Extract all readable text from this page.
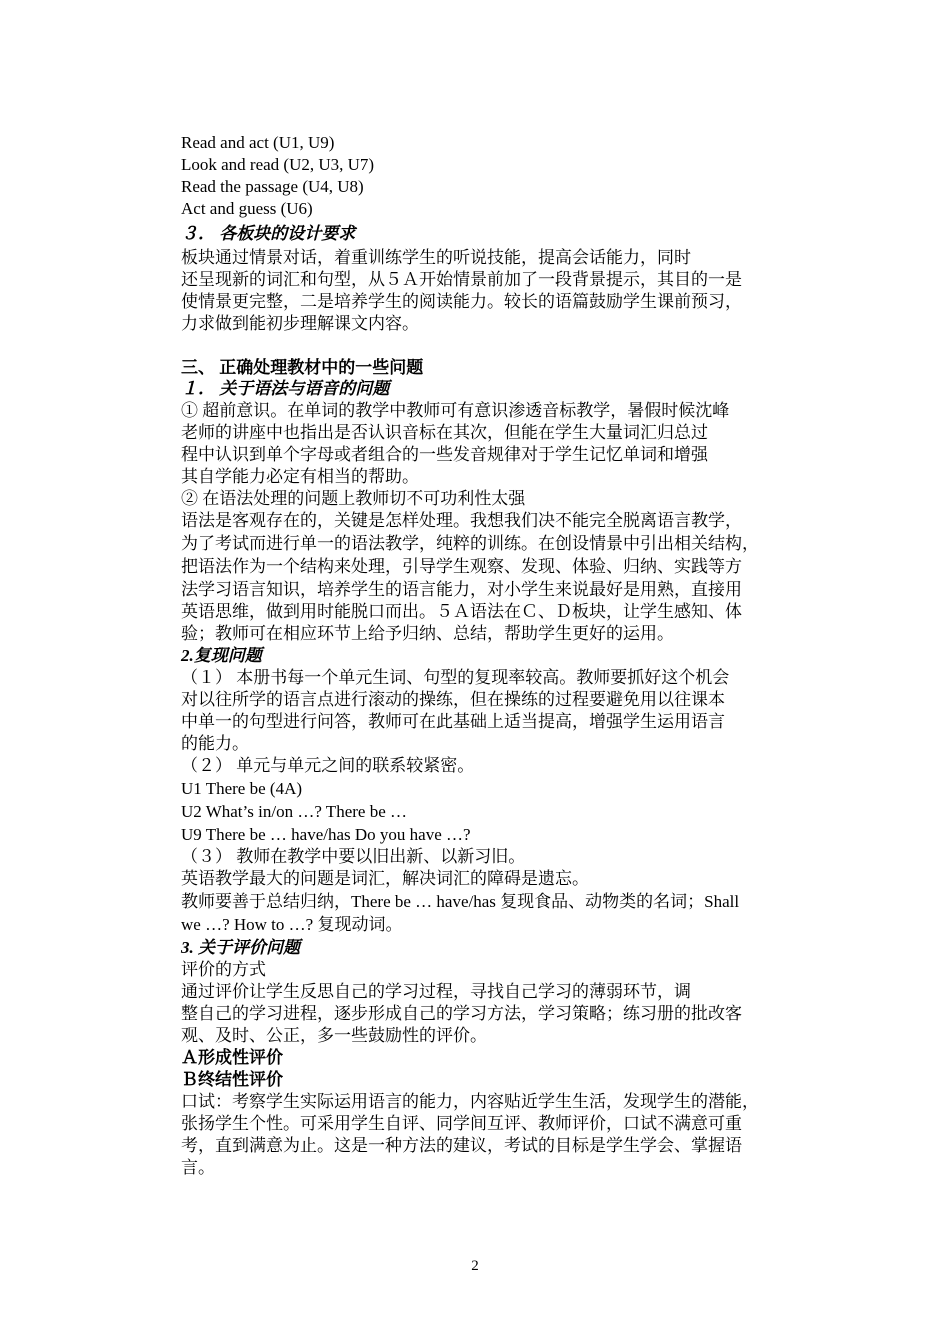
Read and act (U1, U9)
Look and read (U2, U3, U7)
Read the passage (U4, U8)
Act and guess (U6)
３． 各板块的设计要求
板块通过情景对话，着重训练学生的听说技能，提高会话能力，同时
还呈现新的词汇和句型，从５Ａ开始情景前加了一段背景提示，其目的一是
使情景更完整，二是培养学生的阅读能力。较长的语篇鼓励学生课前预习，
力求做到能初步理解课文内容。
三、 正确处理教材中的一些问题
１． 关于语法与语音的问题
① 超前意识。在单词的教学中教师可有意识渗透音标教学，暑假时候沈峰
老师的讲座中也指出是否认识音标在其次，但能在学生大量词汇归总过
程中认识到单个字母或者组合的一些发音规律对于学生记忆单词和增强
其自学能力必定有相当的帮助。
② 在语法处理的问题上教师切不可功利性太强
语法是客观存在的，关键是怎样处理。我想我们决不能完全脱离语言教学，
为了考试而进行单一的语法教学，纯粹的训练。在创设情景中引出相关结构，
把语法作为一个结构来处理，引导学生观察、发现、体验、归纳、实践等方
法学习语言知识，培养学生的语言能力，对小学生来说最好是用熟，直接用
英语思维，做到用时能脱口而出。５Ａ语法在Ｃ、Ｄ板块，让学生感知、体
验；教师可在相应环节上给予归纳、总结，帮助学生更好的运用。
2.复现问题
（１） 本册书每一个单元生词、句型的复现率较高。教师要抓好这个机会
对以往所学的语言点进行滚动的操练，但在操练的过程要避免用以往课本
中单一的句型进行问答，教师可在此基础上适当提高，增强学生运用语言
的能力。
（２） 单元与单元之间的联系较紧密。
U1 There be (4A)
U2 What’s in/on …? There be …
U9 There be … have/has Do you have …?
（３） 教师在教学中要以旧出新、以新习旧。
英语教学最大的问题是词汇，解决词汇的障碍是遗忘。
教师要善于总结归纳，There be … have/has 复现食品、动物类的名词；Shall
we …? How to …? 复现动词。
3. 关于评价问题
评价的方式
通过评价让学生反思自己的学习过程，寻找自己学习的薄弱环节，调
整自己的学习进程，逐步形成自己的学习方法，学习策略；练习册的批改客
观、及时、公正，多一些鼓励性的评价。
Ａ形成性评价
Ｂ终结性评价
口试：考察学生实际运用语言的能力，内容贴近学生生活，发现学生的潜能，
张扬学生个性。可采用学生自评、同学间互评、教师评价，口试不满意可重
考，直到满意为止。这是一种方法的建议，考试的目标是学生学会、掌握语
言。
2
